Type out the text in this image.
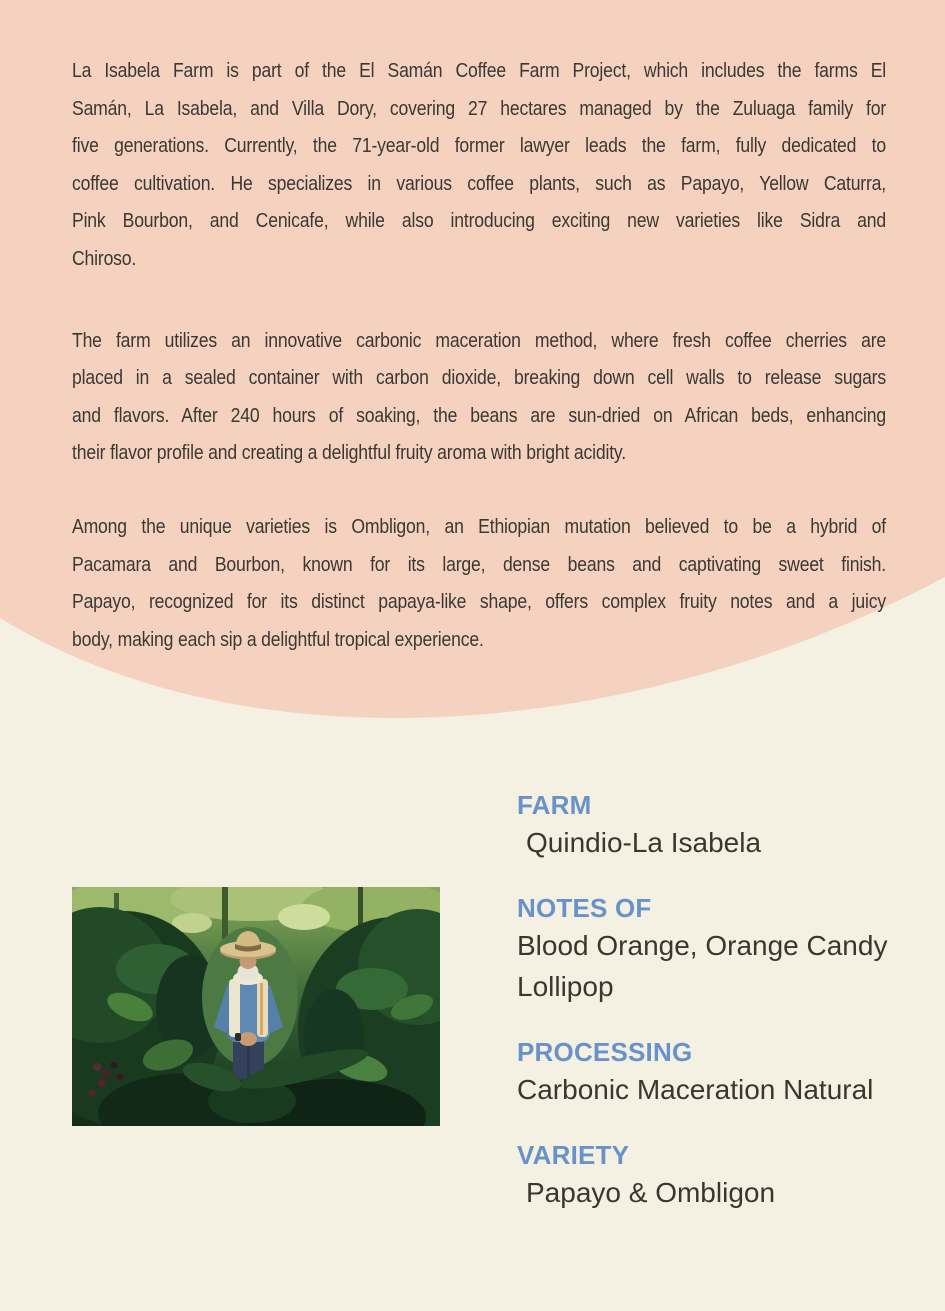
La Isabela Farm is part of the El Samán Coffee Farm Project, which includes the farms El
Samán, La Isabela, and Villa Dory, covering 27 hectares managed by the Zuluaga family for
five generations. Currently, the 71-year-old former lawyer leads the farm, fully dedicated to
coffee cultivation. He specializes in various coffee plants, such as Papayo, Yellow Caturra,
Pink Bourbon, and Cenicafe, while also introducing exciting new varieties like Sidra and
Chiroso.
The farm utilizes an innovative carbonic maceration method, where fresh coffee cherries are
placed in a sealed container with carbon dioxide, breaking down cell walls to release sugars
and flavors. After 240 hours of soaking, the beans are sun-dried on African beds, enhancing
their flavor profile and creating a delightful fruity aroma with bright acidity.
Among the unique varieties is Ombligon, an Ethiopian mutation believed to be a hybrid of
Pacamara and Bourbon, known for its large, dense beans and captivating sweet finish.
Papayo, recognized for its distinct papaya-like shape, offers complex fruity notes and a juicy
body, making each sip a delightful tropical experience.
FARM
Quindio-La Isabela
NOTES OF
Blood Orange, Orange Candy Lollipop
PROCESSING
Carbonic Maceration Natural
VARIETY
Papayo & Ombligon
